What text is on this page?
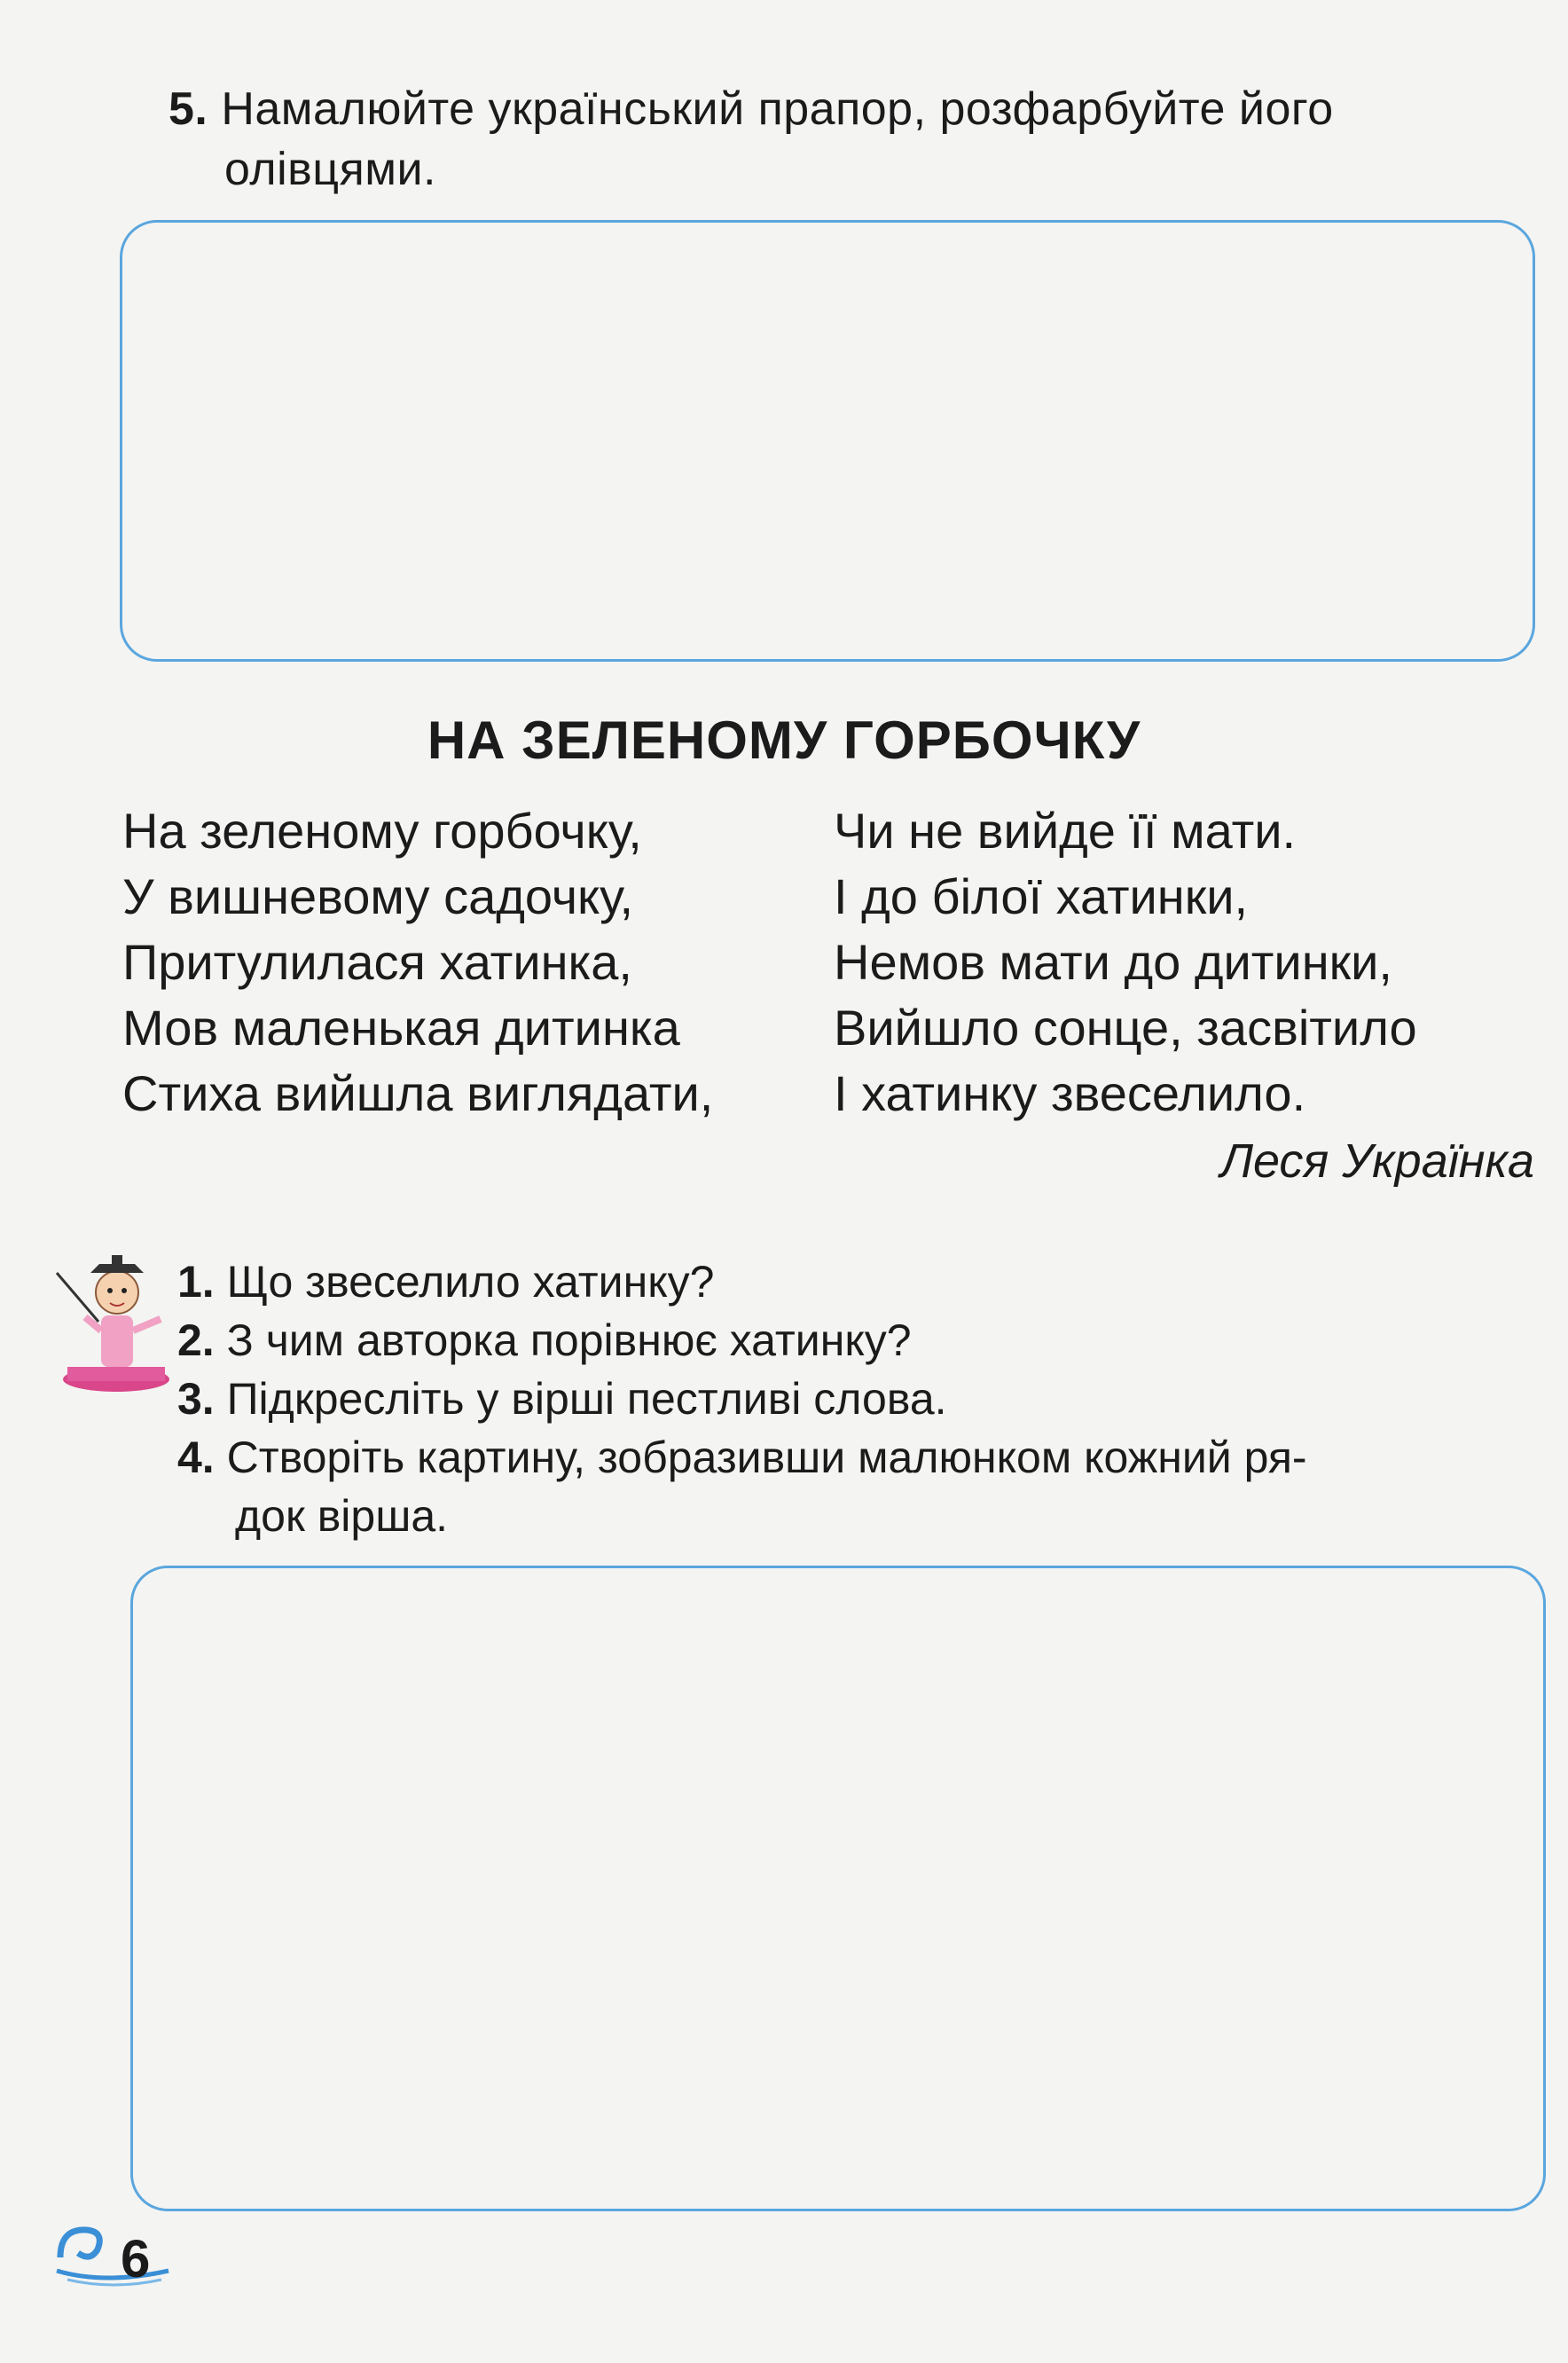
5. Намалюйте український прапор, розфарбуйте його
олівцями.
НА ЗЕЛЕНОМУ ГОРБОЧКУ
На зеленому горбочку,
У вишневому садочку,
Притулилася хатинка,
Мов маленькая дитинка
Стиха вийшла виглядати,
Чи не вийде її мати.
І до білої хатинки,
Немов мати до дитинки,
Вийшло сонце, засвітило
І хатинку звеселило.
Леся Українка
1. Що звеселило хатинку?
2. З чим авторка порівнює хатинку?
3. Підкресліть у вірші пестливі слова.
4. Створіть картину, зобразивши малюнком кожний ря-
док вірша.
6
